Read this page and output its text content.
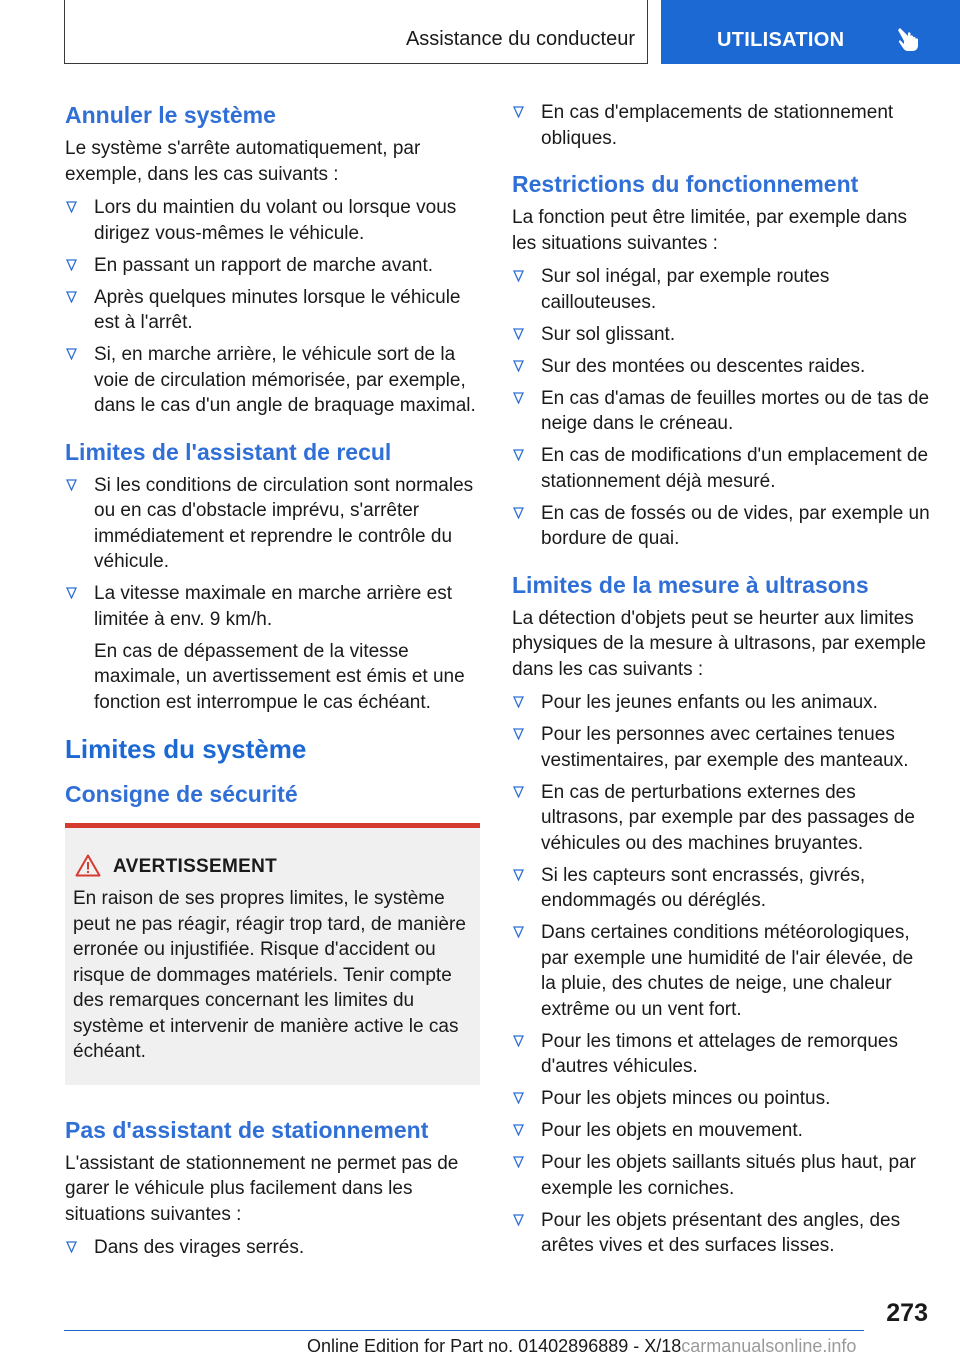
Assistance du conducteur	UTILISATION
Annuler le système

Le système s'arrête automatiquement, par exemple, dans les cas suivants :

Lors du maintien du volant ou lorsque vous dirigez vous-mêmes le véhicule.
En passant un rapport de marche avant.
Après quelques minutes lorsque le véhicule est à l'arrêt.
Si, en marche arrière, le véhicule sort de la voie de circulation mémorisée, par exemple, dans le cas d'un angle de braquage maximal.
Limites de l'assistant de recul
Si les conditions de circulation sont normales ou en cas d'obstacle imprévu, s'arrêter immédiatement et reprendre le contrôle du véhicule.
La vitesse maximale en marche arrière est limitée à env. 9 km/h.
En cas de dépassement de la vitesse maximale, un avertissement est émis et une fonction est interrompue le cas échéant.
Limites du système
Consigne de sécurité
AVERTISSEMENT

En raison de ses propres limites, le système peut ne pas réagir, réagir trop tard, de manière erronée ou injustifiée. Risque d'accident ou risque de dommages matériels. Tenir compte des remarques concernant les limites du système et intervenir de manière active le cas échéant.

Pas d'assistant de stationnement

L'assistant de stationnement ne permet pas de garer le véhicule plus facilement dans les situations suivantes :

Dans des virages serrés.
En cas d'emplacements de stationnement obliques.
Restrictions du fonctionnement

La fonction peut être limitée, par exemple dans les situations suivantes :

Sur sol inégal, par exemple routes caillouteuses.
Sur sol glissant.
Sur des montées ou descentes raides.
En cas d'amas de feuilles mortes ou de tas de neige dans le créneau.
En cas de modifications d'un emplacement de stationnement déjà mesuré.
En cas de fossés ou de vides, par exemple un bordure de quai.
Limites de la mesure à ultrasons

La détection d'objets peut se heurter aux limites physiques de la mesure à ultrasons, par exemple dans les cas suivants :

Pour les jeunes enfants ou les animaux.
Pour les personnes avec certaines tenues vestimentaires, par exemple des manteaux.
En cas de perturbations externes des ultrasons, par exemple par des passages de véhicules ou des machines bruyantes.
Si les capteurs sont encrassés, givrés, endommagés ou déréglés.
Dans certaines conditions météorologiques, par exemple une humidité de l'air élevée, de la pluie, des chutes de neige, une chaleur extrême ou un vent fort.
Pour les timons et attelages de remorques d'autres véhicules.
Pour les objets minces ou pointus.
Pour les objets en mouvement.
Pour les objets saillants situés plus haut, par exemple les corniches.
Pour les objets présentant des angles, des arêtes vives et des surfaces lisses.
273
Online Edition for Part no. 01402896889 - X/18carmanualsonline.info
